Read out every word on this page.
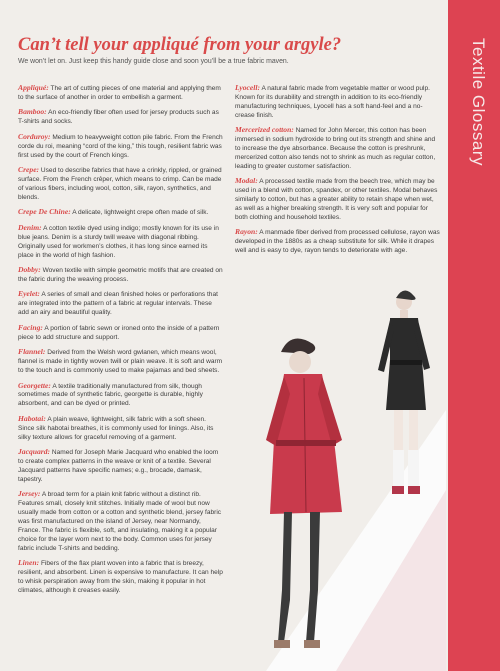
Textile Glossary
Can’t tell your appliqué from your argyle?
We won’t let on. Just keep this handy guide close and soon you’ll be a true fabric maven.

Appliqué: The art of cutting pieces of one material and applying them to the surface of another in order to embellish a garment.

Bamboo: An eco-friendly fiber often used for jersey products such as T-shirts and socks.

Corduroy: Medium to heavyweight cotton pile fabric. From the French corde du roi, meaning “cord of the king,” this tough, resilient fabric was first used by the court of French kings.

Crepe: Used to describe fabrics that have a crinkly, rippled, or grained surface. From the French crêper, which means to crimp. Can be made of various fibers, including wool, cotton, silk, rayon, synthetics, and blends.

Crepe De Chine: A delicate, lightweight crepe often made of silk.

Denim: A cotton textile dyed using indigo; mostly known for its use in blue jeans. Denim is a sturdy twill weave with diagonal ribbing. Originally used for workmen’s clothes, it has long since earned its place in the world of high fashion.

Dobby: Woven textile with simple geometric motifs that are created on the fabric during the weaving process.

Eyelet: A series of small and clean finished holes or perforations that are integrated into the pattern of a fabric at regular intervals. These add an airy and beautiful quality.

Facing: A portion of fabric sewn or ironed onto the inside of a pattern piece to add structure and support.

Flannel: Derived from the Welsh word gwlanen, which means wool, flannel is made in tightly woven twill or plain weave. It is soft and warm to the touch and is commonly used to make pajamas and bed sheets.

Georgette: A textile traditionally manufactured from silk, though sometimes made of synthetic fabric, georgette is durable, highly absorbent, and can be dyed or printed.

Habotai: A plain weave, lightweight, silk fabric with a soft sheen. Since silk habotai breathes, it is commonly used for linings. Also, its silky texture allows for graceful removing of a garment.

Jacquard: Named for Joseph Marie Jacquard who enabled the loom to create complex patterns in the weave or knit of a textile. Several Jacquard patterns have specific names; e.g., brocade, damask, tapestry.

Jersey: A broad term for a plain knit fabric without a distinct rib. Features small, closely knit stitches. Initially made of wool but now usually made from cotton or a cotton and synthetic blend, jersey fabric was first manufactured on the island of Jersey, near Normandy, France. The fabric is flexible, soft, and insulating, making it a popular choice for the layer worn next to the body. Common uses for jersey fabric include T-shirts and bedding.

Linen: Fibers of the flax plant woven into a fabric that is breezy, resilient, and absorbent. Linen is expensive to manufacture. It can help to whisk perspiration away from the skin, making it popular in hot climates, although it creases easily.

Lyocell: A natural fabric made from vegetable matter or wood pulp. Known for its durability and strength in addition to its eco-friendly manufacturing techniques, Lyocell has a soft hand-feel and a no-crease finish.

Mercerized cotton: Named for John Mercer, this cotton has been immersed in sodium hydroxide to bring out its strength and shine and to increase the dye absorbance. Because the cotton is preshrunk, mercerized cotton also tends not to shrink as much as regular cotton, leading to greater customer satisfaction.

Modal: A processed textile made from the beech tree, which may be used in a blend with cotton, spandex, or other textiles. Modal behaves similarly to cotton, but has a greater ability to retain shape when wet, as well as a higher breaking strength. It is very soft and popular for both clothing and household textiles.

Rayon: A manmade fiber derived from processed cellulose, rayon was developed in the 1880s as a cheap substitute for silk. While it drapes well and is easy to dye, rayon tends to deteriorate with age.
